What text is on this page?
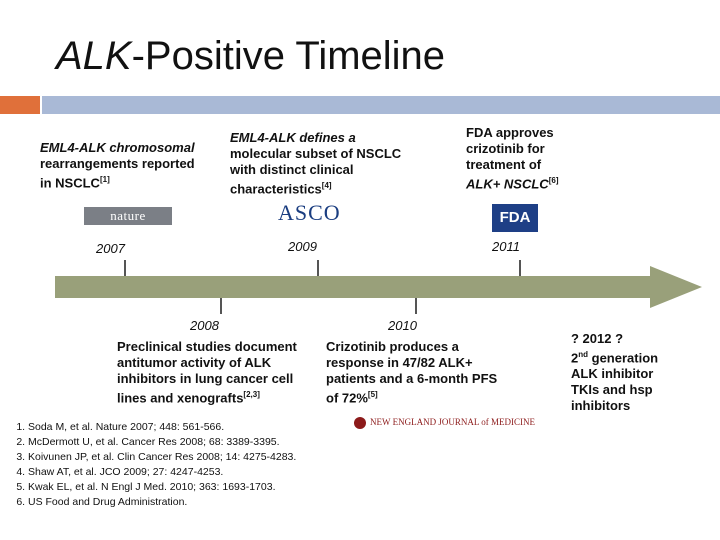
ALK-Positive Timeline
EML4-ALK chromosomal
rearrangements reported
in NSCLC[1]
nature
2007
EML4-ALK defines a
molecular subset of NSCLC
with distinct clinical
characteristics[4]
ASCO
2009
FDA approves
crizotinib for
treatment of
ALK+ NSCLC[6]
FDA
2011
2008
Preclinical studies document
antitumor activity of ALK
inhibitors in lung cancer cell
lines and xenografts[2,3]
2010
Crizotinib produces a
response in 47/82 ALK+
patients and a 6-month PFS
of 72%[5]
NEW ENGLAND JOURNAL of MEDICINE
? 2012 ?
2nd generation
ALK inhibitor
TKIs and hsp
inhibitors
1. Soda M, et al. Nature 2007; 448: 561-566.
2. McDermott U, et al. Cancer Res 2008; 68: 3389-3395.
3. Koivunen JP, et al. Clin Cancer Res 2008; 14: 4275-4283.
4. Shaw AT, et al. JCO 2009; 27: 4247-4253.
5. Kwak EL, et al. N Engl J Med. 2010; 363: 1693-1703.
6. US Food and Drug Administration.
